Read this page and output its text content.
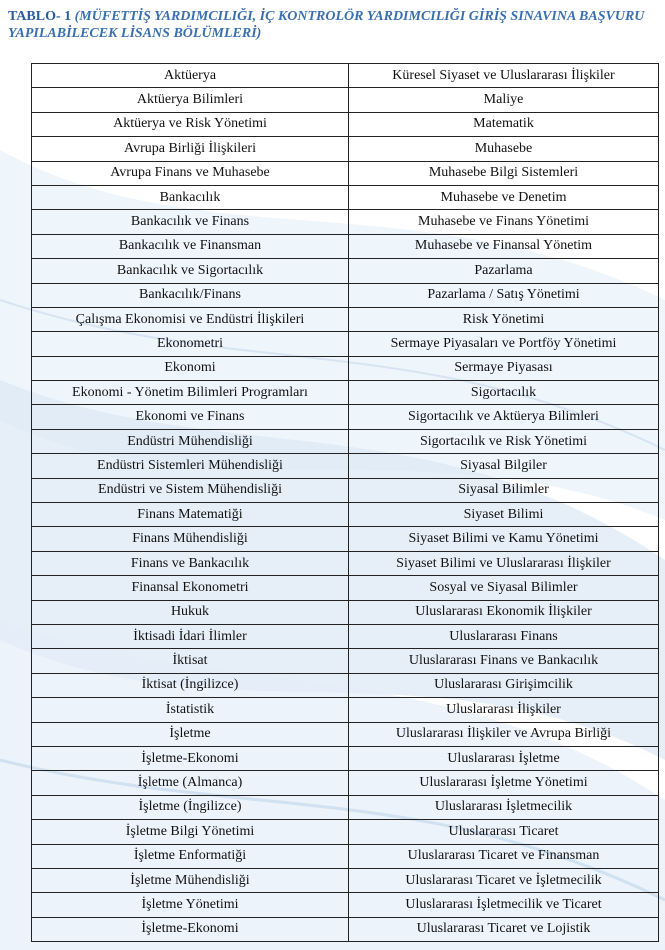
TABLO- 1 (MÜFETTİŞ YARDIMCILIĞI, İÇ KONTROLÖR YARDIMCILIĞI GİRİŞ SINAVINA BAŞVURU YAPILABİLECEK LİSANS BÖLÜMLERİ)
Aktüerya	Küresel Siyaset ve Uluslararası İlişkiler
Aktüerya Bilimleri	Maliye
Aktüerya ve Risk Yönetimi	Matematik
Avrupa Birliği İlişkileri	Muhasebe
Avrupa Finans ve Muhasebe	Muhasebe Bilgi Sistemleri
Bankacılık	Muhasebe ve Denetim
Bankacılık ve Finans	Muhasebe ve Finans Yönetimi
Bankacılık ve Finansman	Muhasebe ve Finansal Yönetim
Bankacılık ve Sigortacılık	Pazarlama
Bankacılık/Finans	Pazarlama / Satış Yönetimi
Çalışma Ekonomisi ve Endüstri İlişkileri	Risk Yönetimi
Ekonometri	Sermaye Piyasaları ve Portföy Yönetimi
Ekonomi	Sermaye Piyasası
Ekonomi - Yönetim Bilimleri Programları	Sigortacılık
Ekonomi ve Finans	Sigortacılık ve Aktüerya Bilimleri
Endüstri Mühendisliği	Sigortacılık ve Risk Yönetimi
Endüstri Sistemleri Mühendisliği	Siyasal Bilgiler
Endüstri ve Sistem Mühendisliği	Siyasal Bilimler
Finans Matematiği	Siyaset Bilimi
Finans Mühendisliği	Siyaset Bilimi ve Kamu Yönetimi
Finans ve Bankacılık	Siyaset Bilimi ve Uluslararası İlişkiler
Finansal Ekonometri	Sosyal ve Siyasal Bilimler
Hukuk	Uluslararası Ekonomik İlişkiler
İktisadi İdari İlimler	Uluslararası Finans
İktisat	Uluslararası Finans ve Bankacılık
İktisat (İngilizce)	Uluslararası Girişimcilik
İstatistik	Uluslararası İlişkiler
İşletme	Uluslararası İlişkiler ve Avrupa Birliği
İşletme-Ekonomi	Uluslararası İşletme
İşletme (Almanca)	Uluslararası İşletme Yönetimi
İşletme (İngilizce)	Uluslararası İşletmecilik
İşletme Bilgi Yönetimi	Uluslararası Ticaret
İşletme Enformatiği	Uluslararası Ticaret ve Finansman
İşletme Mühendisliği	Uluslararası Ticaret ve İşletmecilik
İşletme Yönetimi	Uluslararası İşletmecilik ve Ticaret
İşletme-Ekonomi	Uluslararası Ticaret ve Lojistik
